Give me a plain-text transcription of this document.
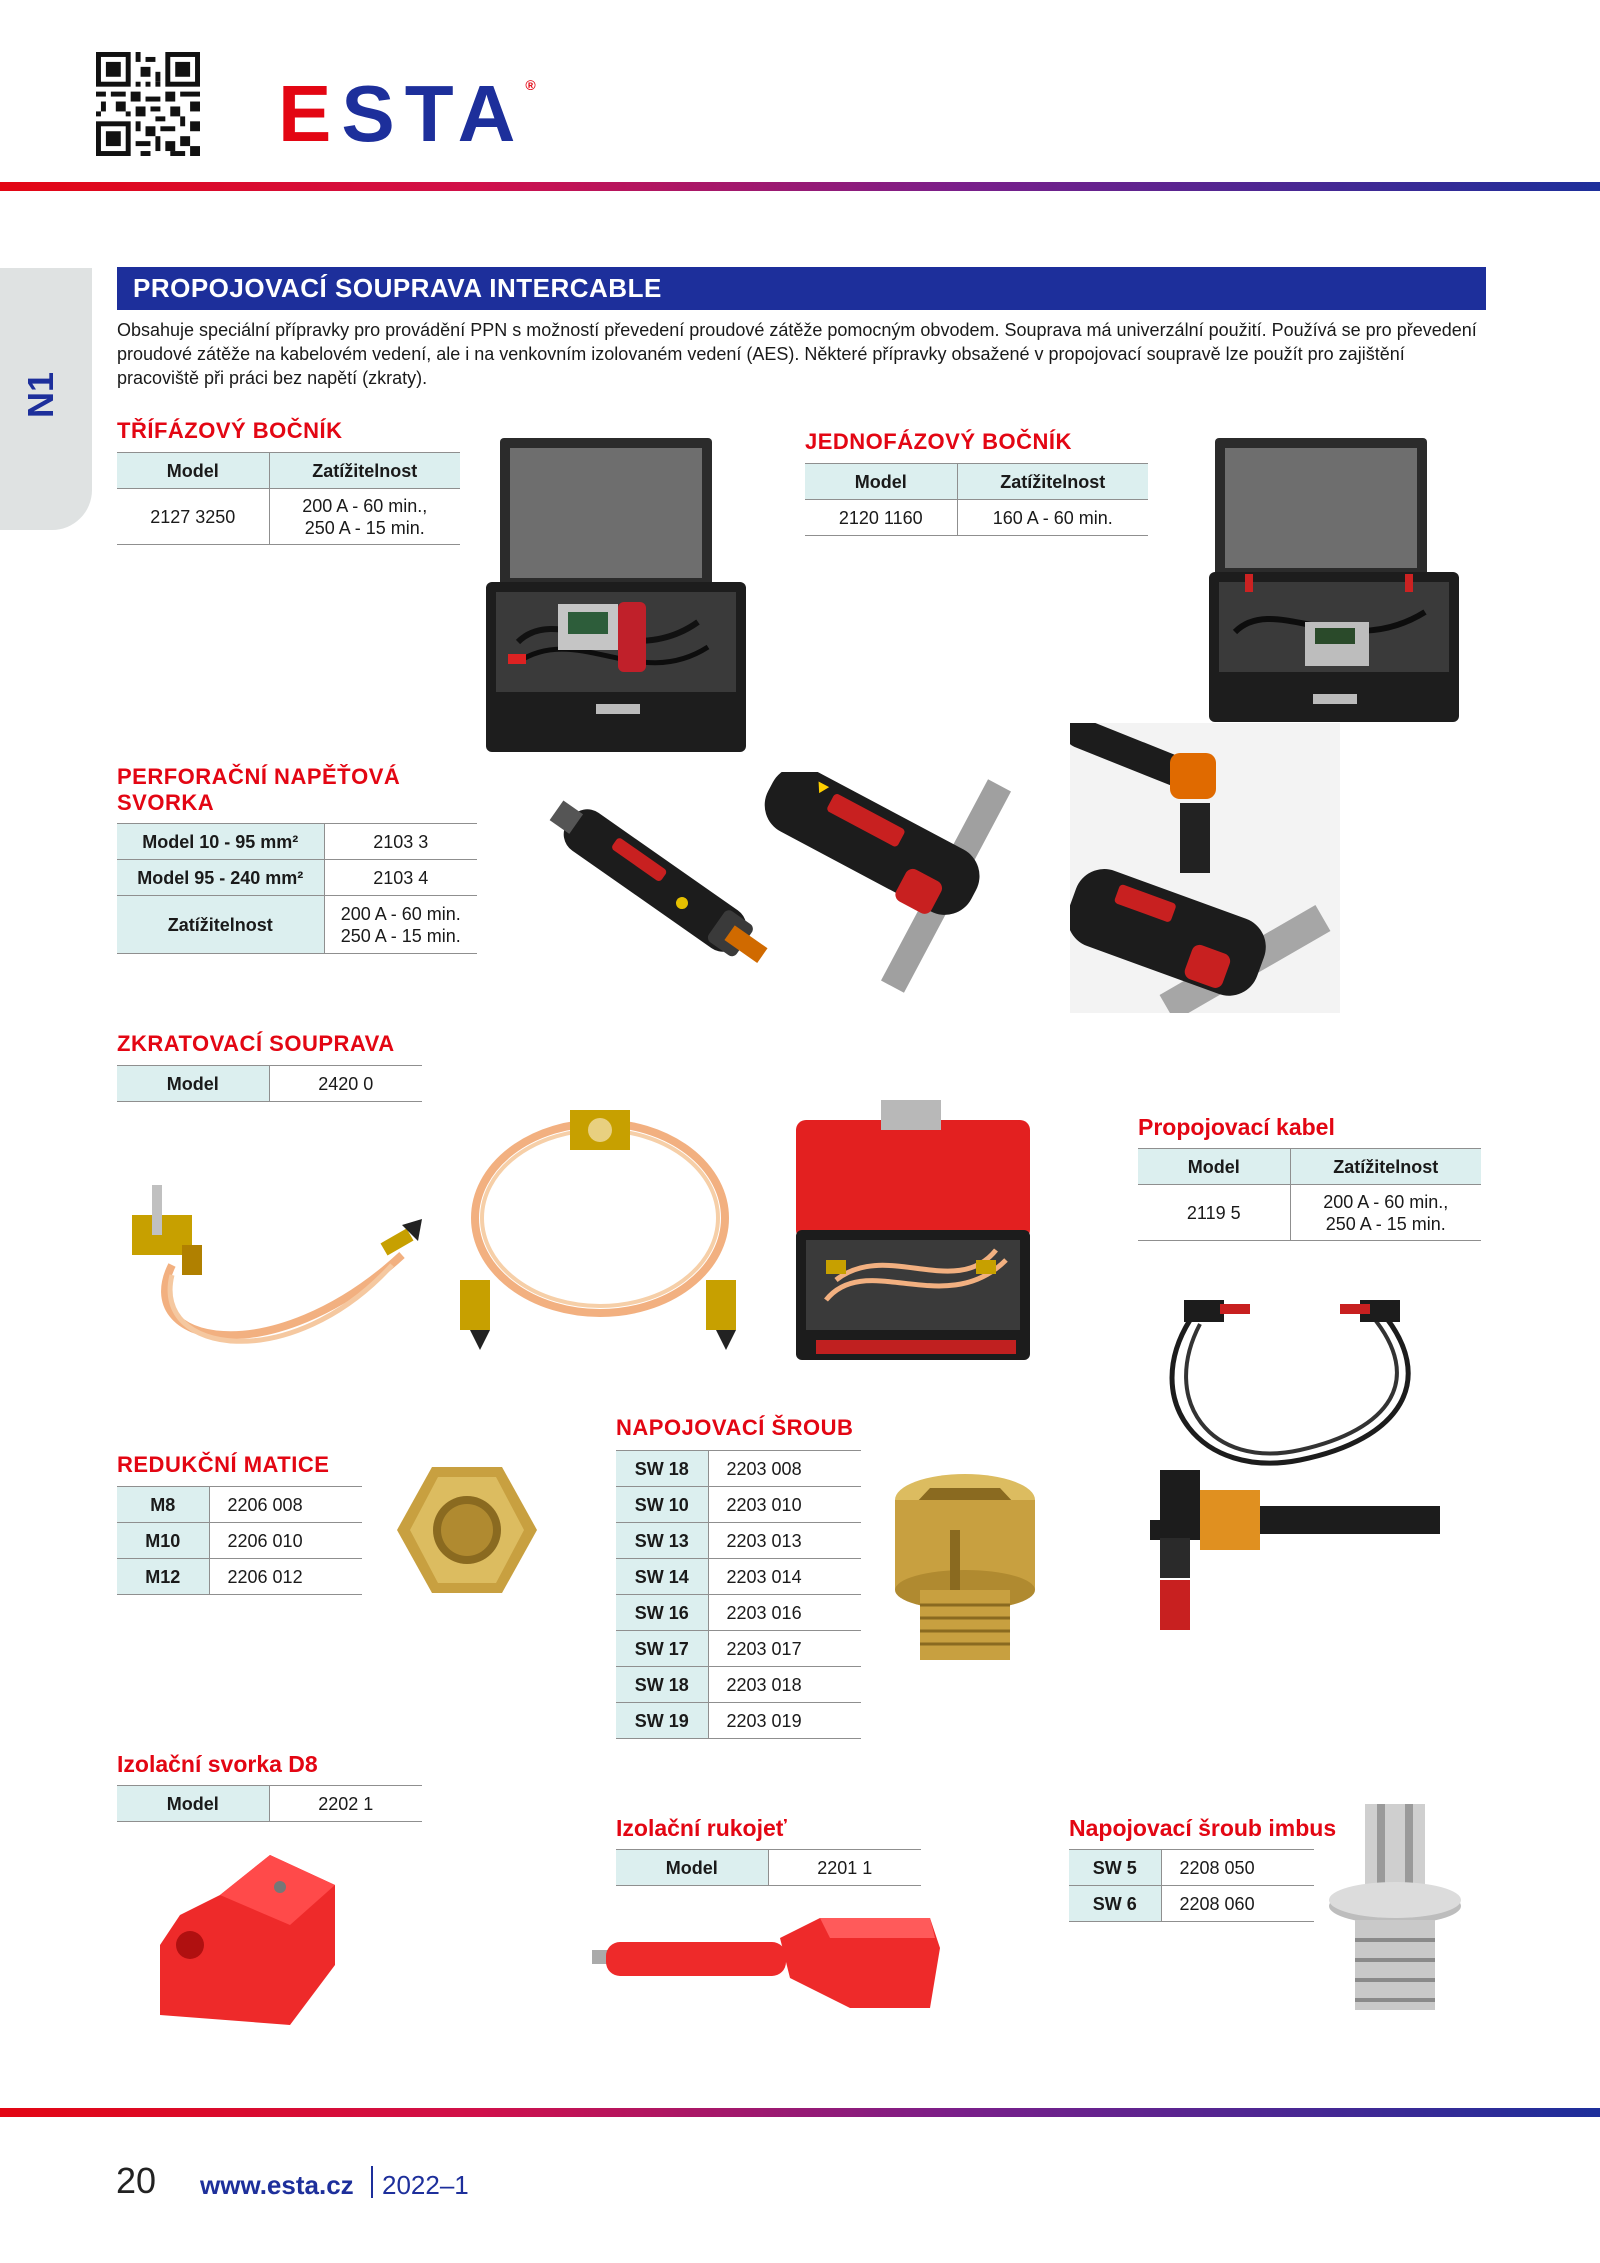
ESTA®
N1
PROPOJOVACÍ SOUPRAVA INTERCABLE
Obsahuje speciální přípravky pro provádění PPN s možností převedení proudové zátěže pomocným obvodem. Souprava má univerzální použití. Používá se pro převedení proudové zátěže na kabelovém vedení, ale i na venkovním izolovaném vedení (AES). Některé přípravky obsažené v propojovací soupravě lze použít pro zajištění pracoviště při práci bez napětí (zkraty).
TŘÍFÁZOVÝ BOČNÍK
Model	Zatížitelnost
2127 3250	200 A - 60 min.,
250 A - 15 min.
JEDNOFÁZOVÝ BOČNÍK
Model	Zatížitelnost
2120 1160	160 A - 60 min.
PERFORAČNÍ NAPĚŤOVÁ
SVORKA
Model 10 - 95 mm²	2103 3
Model 95 - 240 mm²	2103 4
Zatížitelnost	200 A - 60 min.
250 A - 15 min.
ZKRATOVACÍ SOUPRAVA
Model	2420 0
Propojovací kabel
Model	Zatížitelnost
2119 5	200 A - 60 min.,
250 A - 15 min.
REDUKČNÍ MATICE
M8	2206 008
M10	2206 010
M12	2206 012
NAPOJOVACÍ ŠROUB
SW 18	2203 008
SW 10	2203 010
SW 13	2203 013
SW 14	2203 014
SW 16	2203 016
SW 17	2203 017
SW 18	2203 018
SW 19	2203 019
Izolační svorka D8
Model	2202 1
Izolační rukojeť
Model	2201 1
Napojovací šroub imbus
SW 5	2208 050
SW 6	2208 060
20 www.esta.cz 2022–1
